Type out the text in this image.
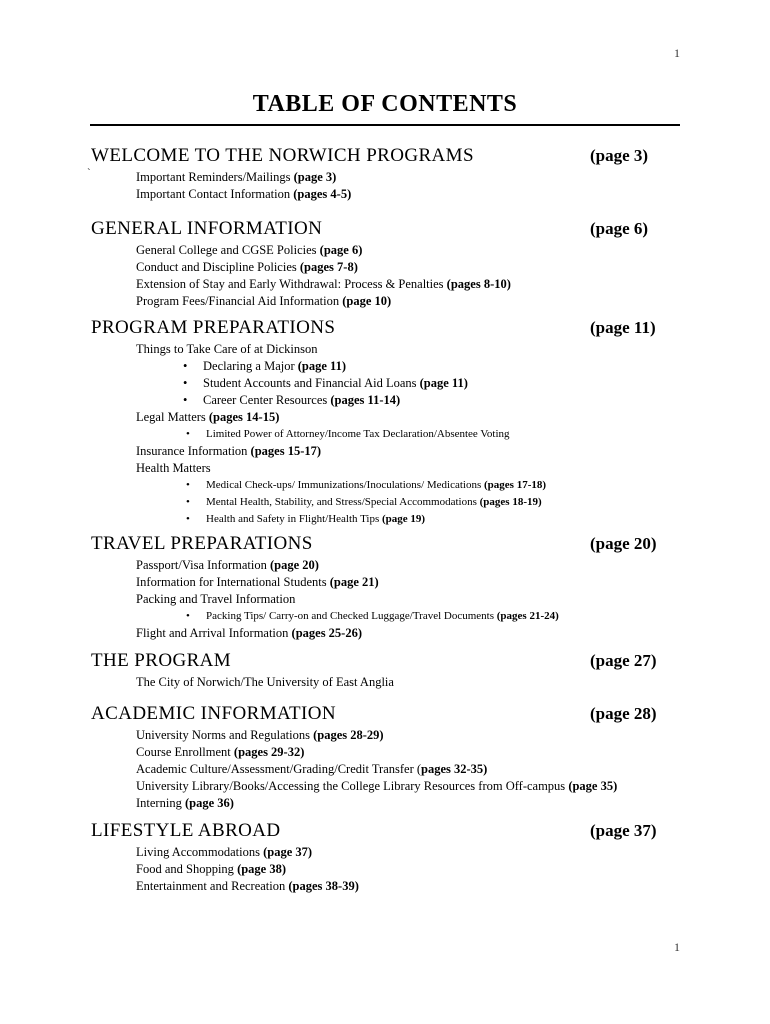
1
TABLE OF CONTENTS
WELCOME TO THE NORWICH PROGRAMS	(page 3)
`	Important Reminders/Mailings (page 3)
Important Contact Information (pages 4-5)
GENERAL INFORMATION	(page 6)
General College and CGSE Policies (page 6)
Conduct and Discipline Policies (pages 7-8)
Extension of Stay and Early Withdrawal: Process & Penalties (pages 8-10)
Program Fees/Financial Aid Information (page 10)
PROGRAM PREPARATIONS	(page 11)
Things to Take Care of at Dickinson
• Declaring a Major (page 11)
• Student Accounts and Financial Aid Loans (page 11)
• Career Center Resources (pages 11-14)
Legal Matters (pages 14-15)
• Limited Power of Attorney/Income Tax Declaration/Absentee Voting
Insurance Information (pages 15-17)
Health Matters
• Medical Check-ups/ Immunizations/Inoculations/ Medications (pages 17-18)
• Mental Health, Stability, and Stress/Special Accommodations (pages 18-19)
• Health and Safety in Flight/Health Tips (page 19)
TRAVEL PREPARATIONS	(page 20)
Passport/Visa Information (page 20)
Information for International Students (page 21)
Packing and Travel Information
• Packing Tips/ Carry-on and Checked Luggage/Travel Documents (pages 21-24)
Flight and Arrival Information (pages 25-26)
THE PROGRAM	(page 27)
The City of Norwich/The University of East Anglia
ACADEMIC INFORMATION	(page 28)
University Norms and Regulations (pages 28-29)
Course Enrollment (pages 29-32)
Academic Culture/Assessment/Grading/Credit Transfer (pages 32-35)
University Library/Books/Accessing the College Library Resources from Off-campus (page 35)
Interning (page 36)
LIFESTYLE ABROAD	(page 37)
Living Accommodations (page 37)
Food and Shopping (page 38)
Entertainment and Recreation (pages 38-39)
1
